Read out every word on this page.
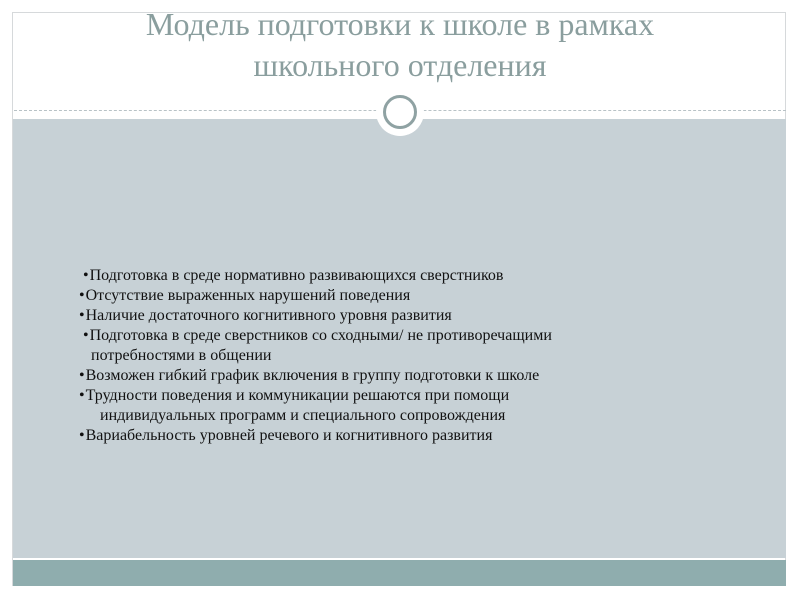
Модель подготовки к школе в рамках
школьного отделения
•Подготовка в среде нормативно развивающихся сверстников
•Отсутствие выраженных нарушений поведения
•Наличие достаточного когнитивного уровня развития
•Подготовка в среде сверстников со сходными/ не противоречащими
потребностями в общении
•Возможен гибкий график включения в группу подготовки к школе
•Трудности поведения и коммуникации решаются при помощи
индивидуальных программ и специального сопровождения
•Вариабельность уровней речевого и когнитивного развития
